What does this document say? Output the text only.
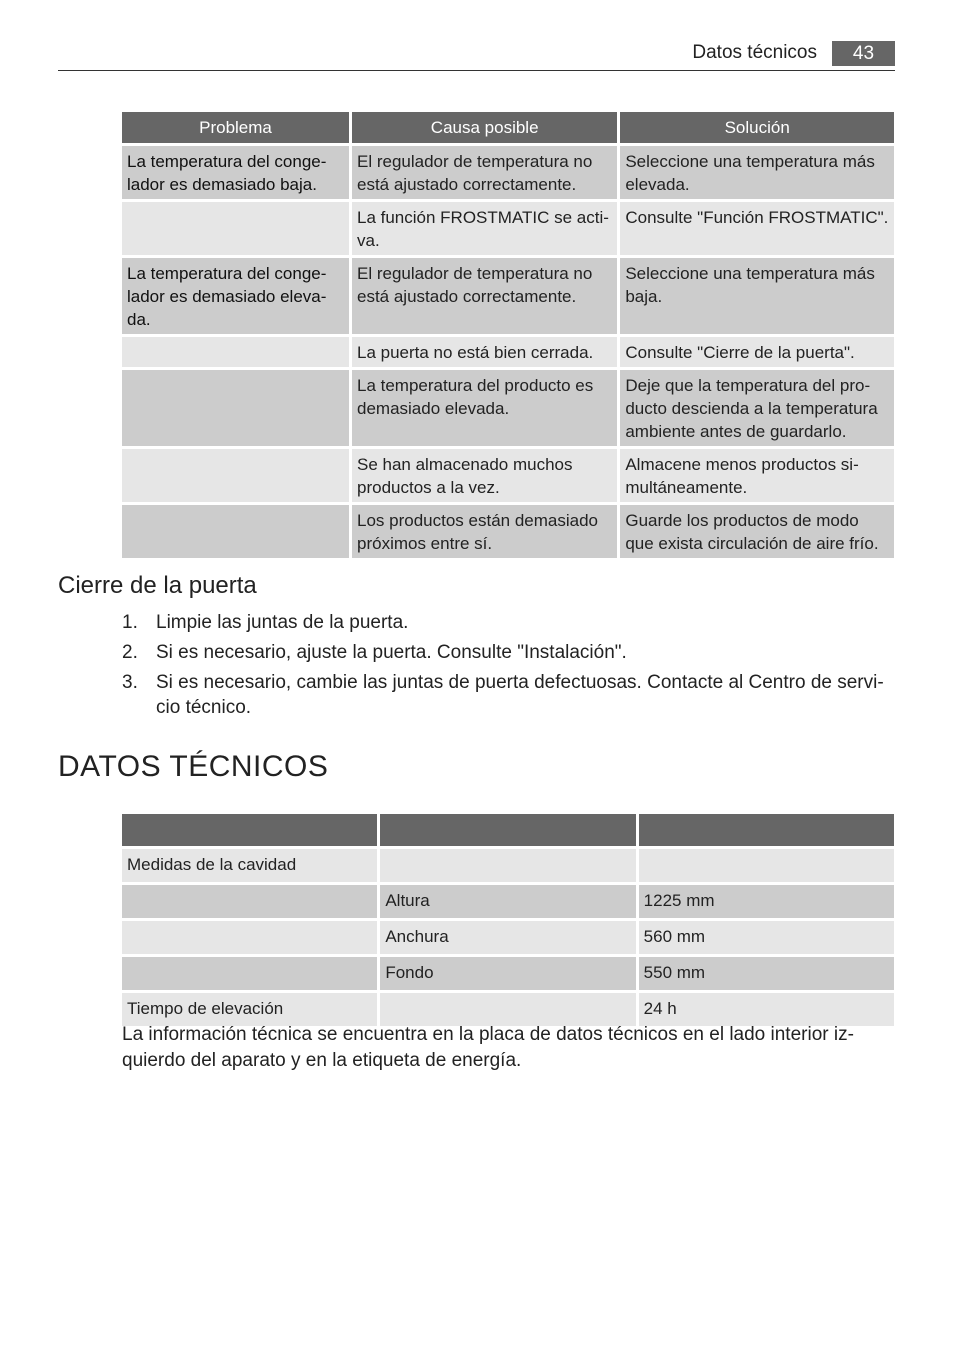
Datos técnicos	43
Problema	Causa posible	Solución
La temperatura del congelador es demasiado baja.	El regulador de temperatura no está ajustado correctamente.	Seleccione una temperatura más elevada.
	La función FROSTMATIC se activa.	Consulte "Función FROSTMATIC".
La temperatura del congelador es demasiado elevada.	El regulador de temperatura no está ajustado correctamente.	Seleccione una temperatura más baja.
	La puerta no está bien cerrada.	Consulte "Cierre de la puerta".
	La temperatura del producto es demasiado elevada.	Deje que la temperatura del producto descienda a la temperatura ambiente antes de guardarlo.
	Se han almacenado muchos productos a la vez.	Almacene menos productos simultáneamente.
	Los productos están demasiado próximos entre sí.	Guarde los productos de modo que exista circulación de aire frío.
Cierre de la puerta
1. Limpie las juntas de la puerta.
2. Si es necesario, ajuste la puerta. Consulte "Instalación".
3. Si es necesario, cambie las juntas de puerta defectuosas. Contacte al Centro de servicio técnico.
DATOS TÉCNICOS

Medidas de la cavidad		
	Altura	1225 mm
	Anchura	560 mm
	Fondo	550 mm
Tiempo de elevación		24 h
La información técnica se encuentra en la placa de datos técnicos en el lado interior izquierdo del aparato y en la etiqueta de energía.
